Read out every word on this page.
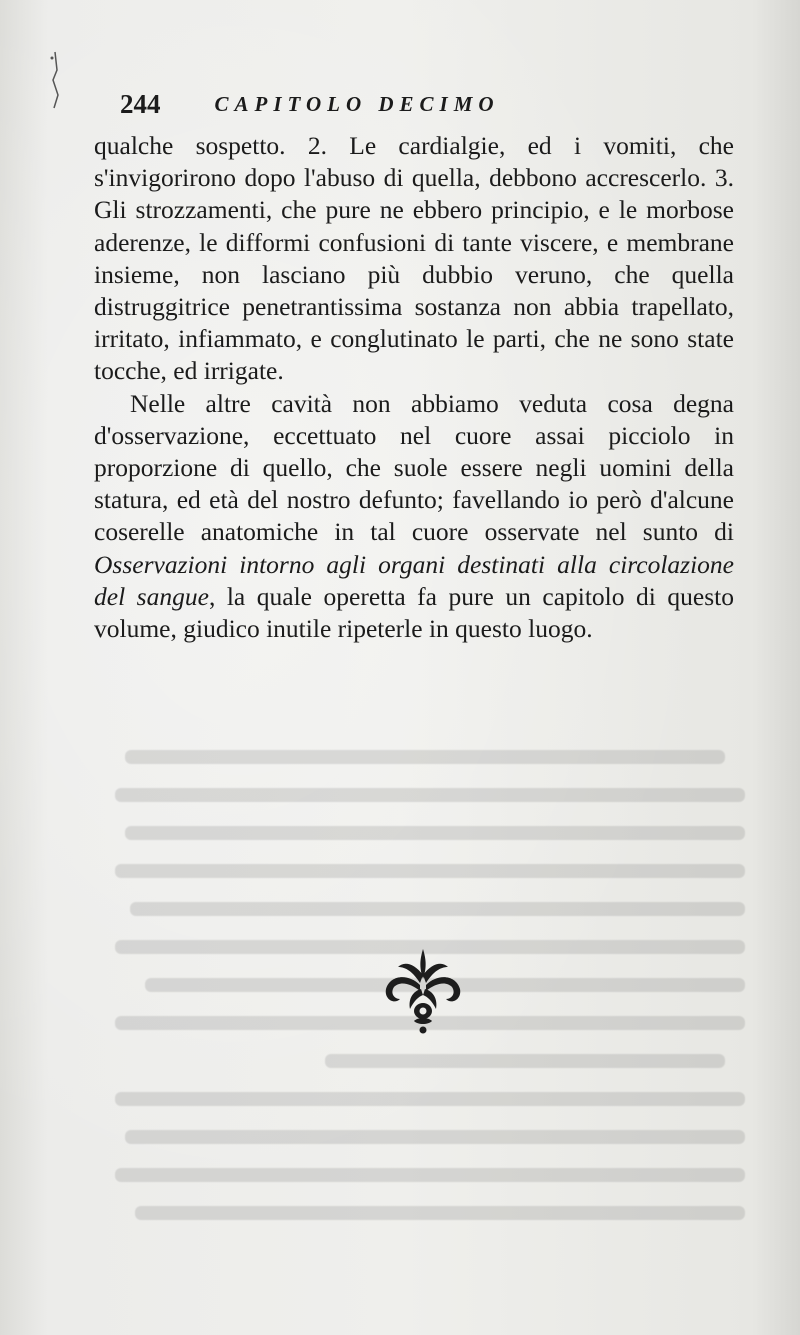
244	CAPITOLO DECIMO

qualche sospetto. 2. Le cardialgie, ed i vomiti, che s'invigorirono dopo l'abuso di quella, debbono accrescerlo. 3. Gli strozzamenti, che pure ne ebbero principio, e le morbose aderenze, le difformi confusioni di tante viscere, e membrane insieme, non lasciano più dubbio veruno, che quella distruggitrice penetrantissima sostanza non abbia trapellato, irritato, infiammato, e conglutinato le parti, che ne sono state tocche, ed irrigate.

Nelle altre cavità non abbiamo veduta cosa degna d'osservazione, eccettuato nel cuore assai picciolo in proporzione di quello, che suole essere negli uomini della statura, ed età del nostro defunto; favellando io però d'alcune coserelle anatomiche in tal cuore osservate nel sunto di Osservazioni intorno agli organi destinati alla circolazione del sangue, la quale operetta fa pure un capitolo di questo volume, giudico inutile ripeterle in questo luogo.
